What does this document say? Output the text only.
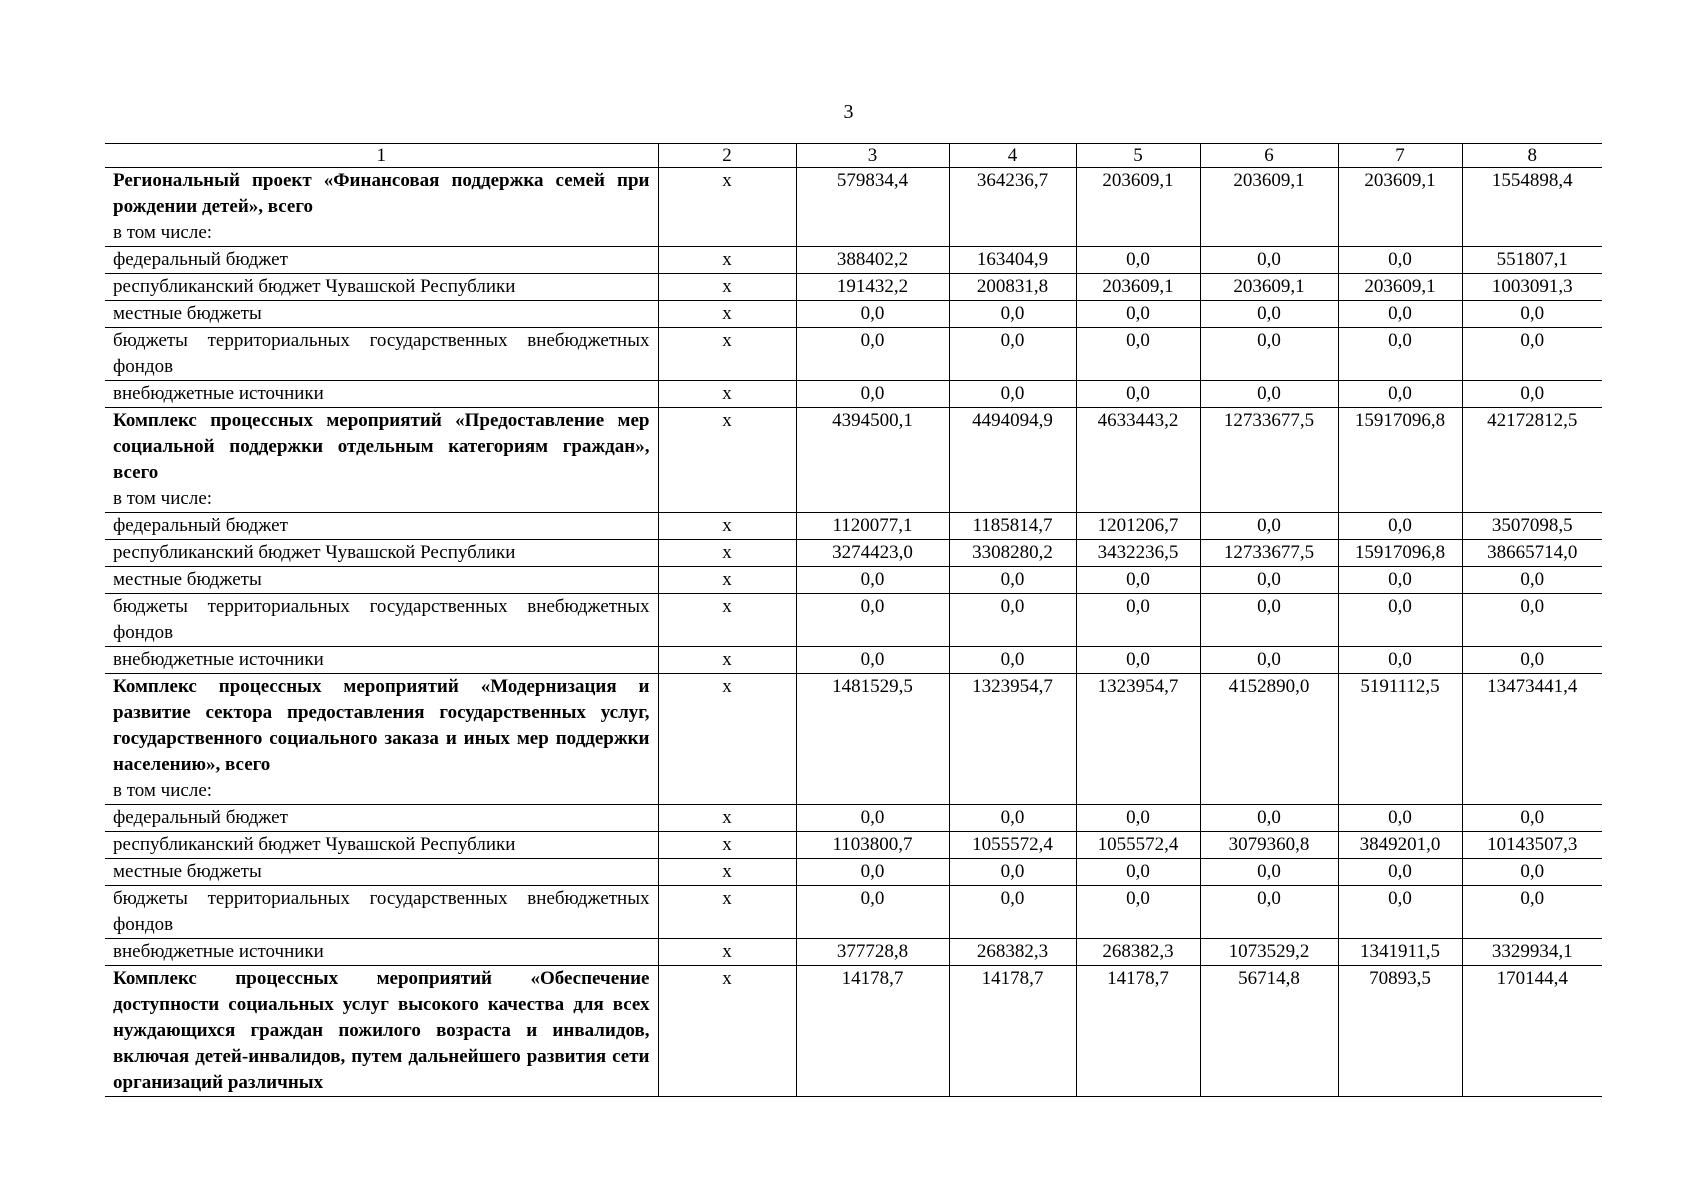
3
1	2	3	4	5	6	7	8

Региональный проект «Финансовая поддержка семей при рождении детей», всего
в том числе:	х	579834,4	364236,7	203609,1	203609,1	203609,1	1554898,4
федеральный бюджет	х	388402,2	163404,9	0,0	0,0	0,0	551807,1
республиканский бюджет Чувашской Республики	х	191432,2	200831,8	203609,1	203609,1	203609,1	1003091,3
местные бюджеты	х	0,0	0,0	0,0	0,0	0,0	0,0
бюджеты территориальных государственных внебюджетных фондов	х	0,0	0,0	0,0	0,0	0,0	0,0
внебюджетные источники	х	0,0	0,0	0,0	0,0	0,0	0,0

Комплекс процессных мероприятий «Предоставление мер социальной поддержки отдельным категориям граждан», всего
в том числе:	х	4394500,1	4494094,9	4633443,2	12733677,5	15917096,8	42172812,5
федеральный бюджет	х	1120077,1	1185814,7	1201206,7	0,0	0,0	3507098,5
республиканский бюджет Чувашской Республики	х	3274423,0	3308280,2	3432236,5	12733677,5	15917096,8	38665714,0
местные бюджеты	х	0,0	0,0	0,0	0,0	0,0	0,0
бюджеты территориальных государственных внебюджетных фондов	х	0,0	0,0	0,0	0,0	0,0	0,0
внебюджетные источники	х	0,0	0,0	0,0	0,0	0,0	0,0

Комплекс процессных мероприятий «Модернизация и развитие сектора предоставления государственных услуг, государственного социального заказа и иных мер поддержки населению», всего
в том числе:	х	1481529,5	1323954,7	1323954,7	4152890,0	5191112,5	13473441,4
федеральный бюджет	х	0,0	0,0	0,0	0,0	0,0	0,0
республиканский бюджет Чувашской Республики	х	1103800,7	1055572,4	1055572,4	3079360,8	3849201,0	10143507,3
местные бюджеты	х	0,0	0,0	0,0	0,0	0,0	0,0
бюджеты территориальных государственных внебюджетных фондов	х	0,0	0,0	0,0	0,0	0,0	0,0
внебюджетные источники	х	377728,8	268382,3	268382,3	1073529,2	1341911,5	3329934,1

Комплекс процессных мероприятий «Обеспечение доступности социальных услуг высокого качества для всех нуждающихся граждан пожилого возраста и инвалидов, включая детей-инвалидов, путем дальнейшего развития сети организаций различных	х	14178,7	14178,7	14178,7	56714,8	70893,5	170144,4
